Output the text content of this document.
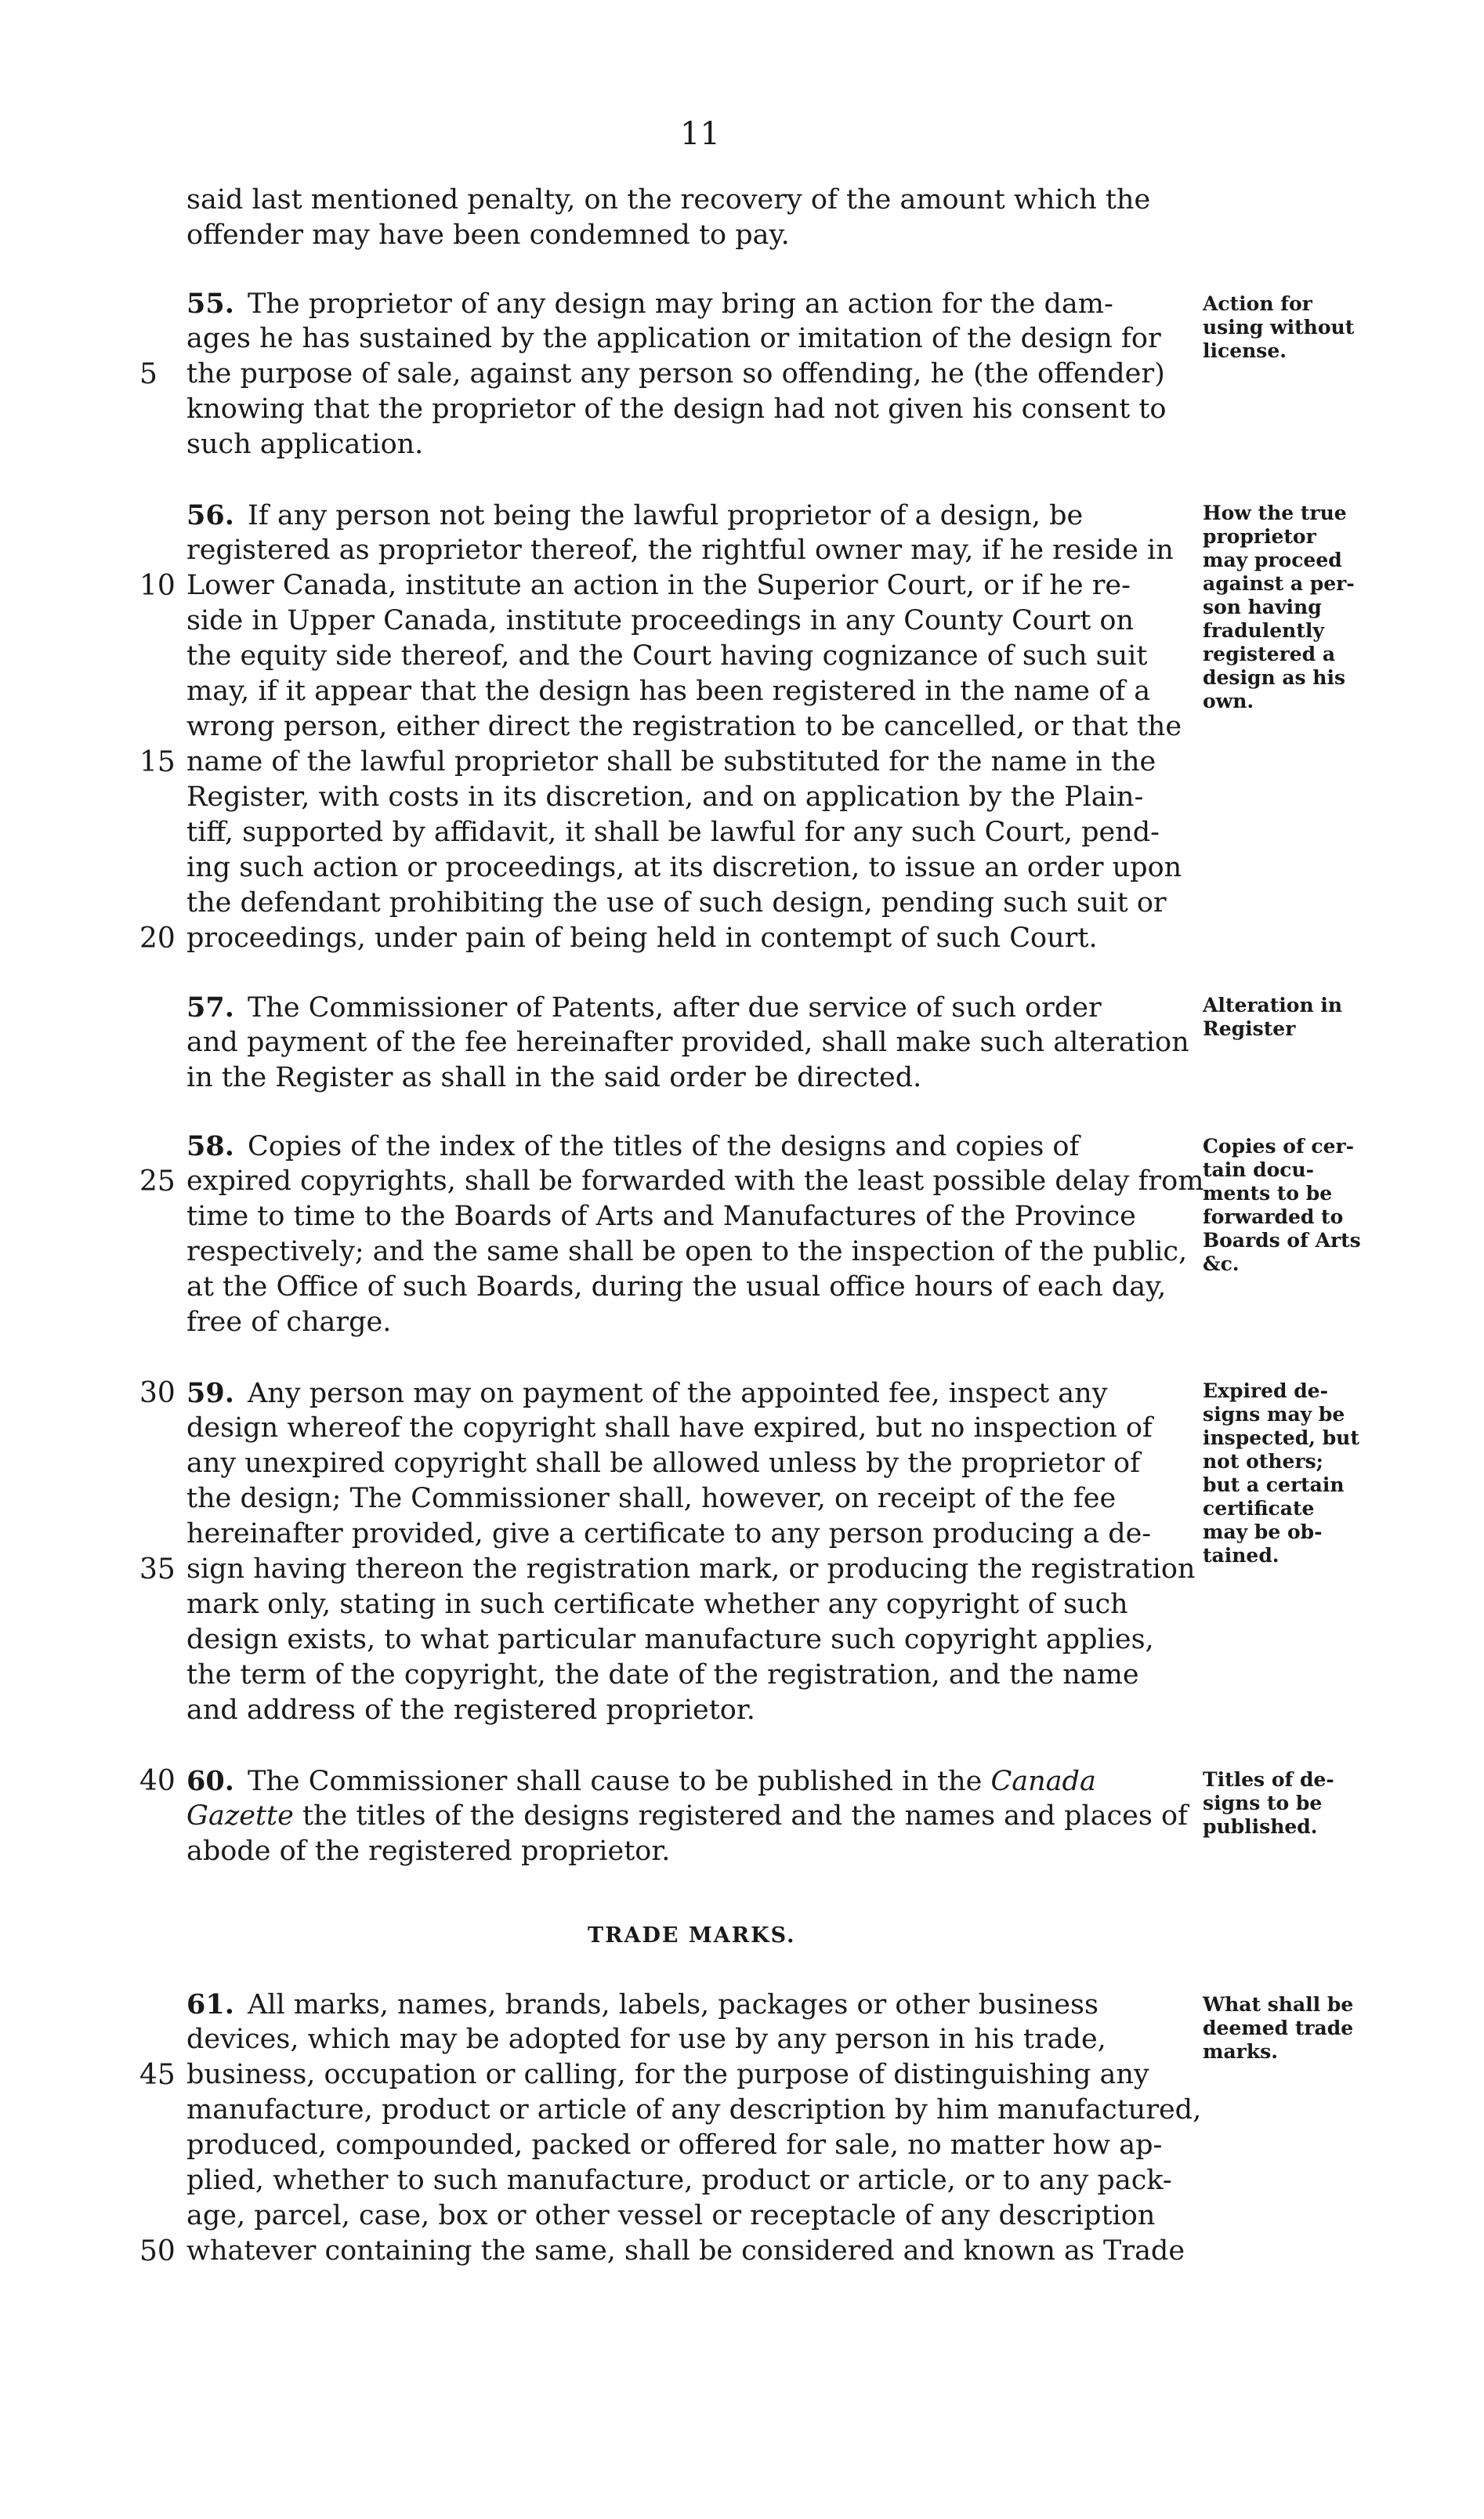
11
said last mentioned penalty, on the recovery of the amount which the
offender may have been condemned to pay.
55. The proprietor of any design may bring an action for the dam-
ages he has sustained by the application or imitation of the design for
the purpose of sale, against any person so offending, he (the offender)
knowing that the proprietor of the design had not given his consent to
such application.
56. If any person not being the lawful proprietor of a design, be
registered as proprietor thereof, the rightful owner may, if he reside in
Lower Canada, institute an action in the Superior Court, or if he re-
side in Upper Canada, institute proceedings in any County Court on
the equity side thereof, and the Court having cognizance of such suit
may, if it appear that the design has been registered in the name of a
wrong person, either direct the registration to be cancelled, or that the
name of the lawful proprietor shall be substituted for the name in the
Register, with costs in its discretion, and on application by the Plain-
tiff, supported by affidavit, it shall be lawful for any such Court, pend-
ing such action or proceedings, at its discretion, to issue an order upon
the defendant prohibiting the use of such design, pending such suit or
proceedings, under pain of being held in contempt of such Court.
57. The Commissioner of Patents, after due service of such order
and payment of the fee hereinafter provided, shall make such alteration
in the Register as shall in the said order be directed.
58. Copies of the index of the titles of the designs and copies of
expired copyrights, shall be forwarded with the least possible delay from
time to time to the Boards of Arts and Manufactures of the Province
respectively; and the same shall be open to the inspection of the public,
at the Office of such Boards, during the usual office hours of each day,
free of charge.
59. Any person may on payment of the appointed fee, inspect any
design whereof the copyright shall have expired, but no inspection of
any unexpired copyright shall be allowed unless by the proprietor of
the design; The Commissioner shall, however, on receipt of the fee
hereinafter provided, give a certificate to any person producing a de-
sign having thereon the registration mark, or producing the registration
mark only, stating in such certificate whether any copyright of such
design exists, to what particular manufacture such copyright applies,
the term of the copyright, the date of the registration, and the name
and address of the registered proprietor.
60. The Commissioner shall cause to be published in the Canada
Gazette the titles of the designs registered and the names and places of
abode of the registered proprietor.
61. All marks, names, brands, labels, packages or other business
devices, which may be adopted for use by any person in his trade,
business, occupation or calling, for the purpose of distinguishing any
manufacture, product or article of any description by him manufactured,
produced, compounded, packed or offered for sale, no matter how ap-
plied, whether to such manufacture, product or article, or to any pack-
age, parcel, case, box or other vessel or receptacle of any description
whatever containing the same, shall be considered and known as Trade
5
10
15
20
25
30
35
40
45
50
Action for
using without
license.
How the true
proprietor
may proceed
against a per-
son having
fradulently
registered a
design as his
own.
Alteration in
Register
Copies of cer-
tain docu-
ments to be
forwarded to
Boards of Arts
&c.
Expired de-
signs may be
inspected, but
not others;
but a certain
certificate
may be ob-
tained.
Titles of de-
signs to be
published.
What shall be
deemed trade
marks.
TRADE MARKS.
